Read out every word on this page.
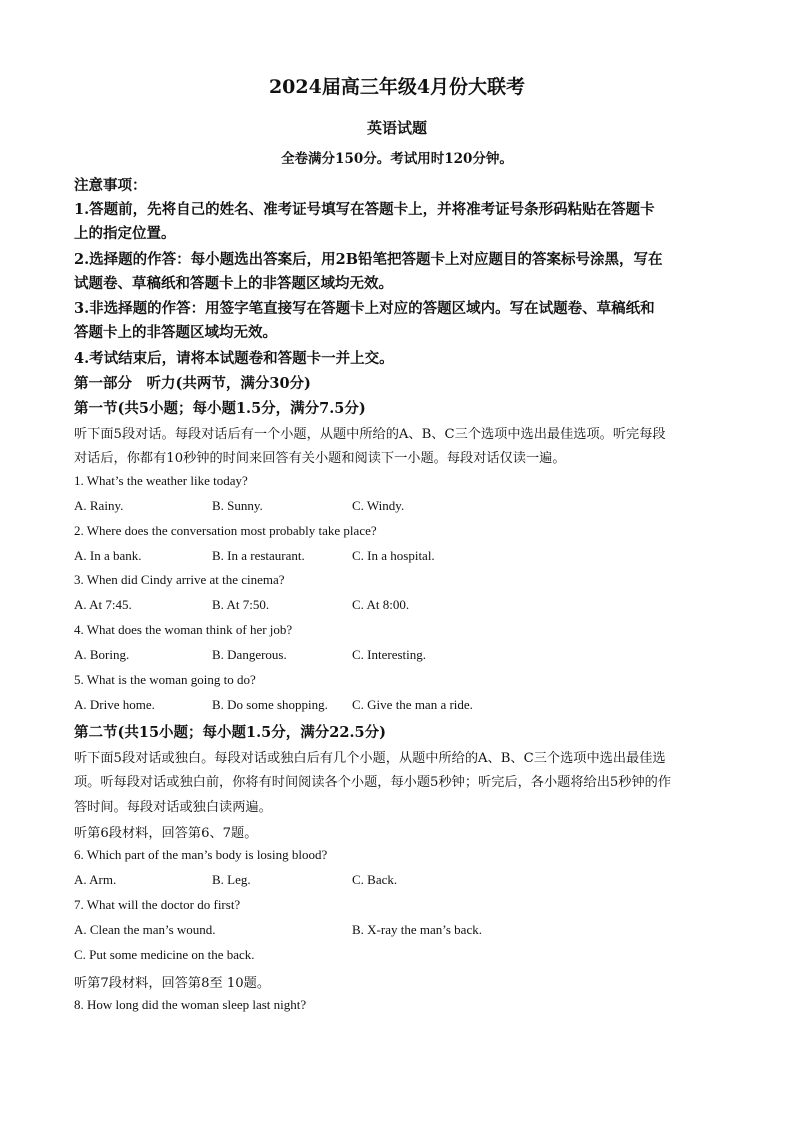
2024届高三年级4月份大联考
英语试题
全卷满分150分。考试用时120分钟。
注意事项：
1.答题前，先将自己的姓名、准考证号填写在答题卡上，并将准考证号条形码粘贴在答题卡
上的指定位置。
2.选择题的作答：每小题选出答案后，用2B铅笔把答题卡上对应题目的答案标号涂黑，写在
试题卷、草稿纸和答题卡上的非答题区域均无效。
3.非选择题的作答：用签字笔直接写在答题卡上对应的答题区域内。写在试题卷、草稿纸和
答题卡上的非答题区域均无效。
4.考试结束后，请将本试题卷和答题卡一并上交。
第一部分　听力(共两节，满分30分)
第一节(共5小题；每小题1.5分，满分7.5分)
听下面5段对话。每段对话后有一个小题，从题中所给的A、B、C三个选项中选出最佳选项。听完每段
对话后，你都有10秒钟的时间来回答有关小题和阅读下一小题。每段对话仅读一遍。
1. What’s the weather like today?
A. Rainy.	B. Sunny.	C. Windy.
2. Where does the conversation most probably take place?
A. In a bank.	B. In a restaurant.	C. In a hospital.
3. When did Cindy arrive at the cinema?
A. At 7:45.	B. At 7:50.	C. At 8:00.
4. What does the woman think of her job?
A. Boring.	B. Dangerous.	C. Interesting.
5. What is the woman going to do?
A. Drive home.	B. Do some shopping. C. Give the man a ride.
第二节(共15小题；每小题1.5分，满分22.5分)
听下面5段对话或独白。每段对话或独白后有几个小题，从题中所给的A、B、C三个选项中选出最佳选
项。听每段对话或独白前，你将有时间阅读各个小题，每小题5秒钟；听完后，各小题将给出5秒钟的作
答时间。每段对话或独白读两遍。
听第6段材料，回答第6、7题。
6. Which part of the man’s body is losing blood?
A. Arm.	B. Leg.	C. Back.
7. What will the doctor do first?
A. Clean the man’s wound.	B. X-ray the man’s back.
C. Put some medicine on the back.
听第7段材料，回答第8至 10题。
8. How long did the woman sleep last night?
